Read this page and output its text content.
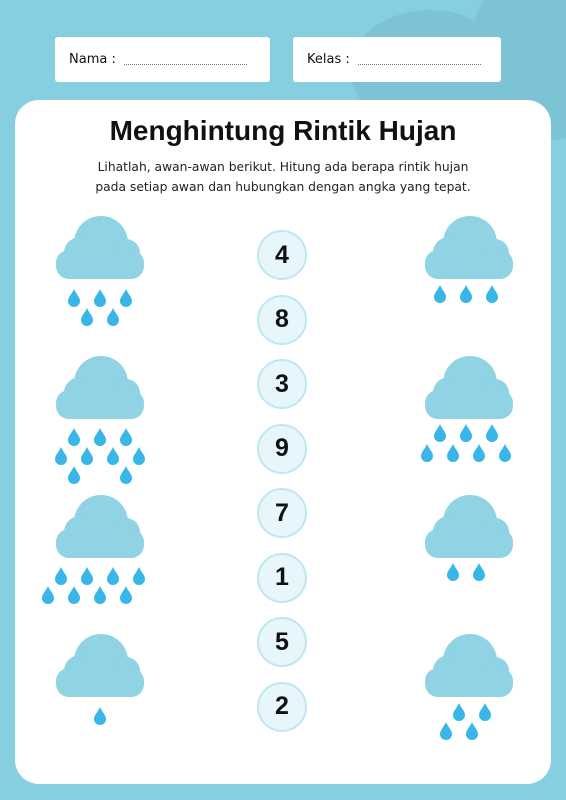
Nama :	Kelas :
Menghintung Rintik Hujan
Lihatlah, awan-awan berikut. Hitung ada berapa rintik hujan
pada setiap awan dan hubungkan dengan angka yang tepat.
4
8
3
9
7
1
5
2
